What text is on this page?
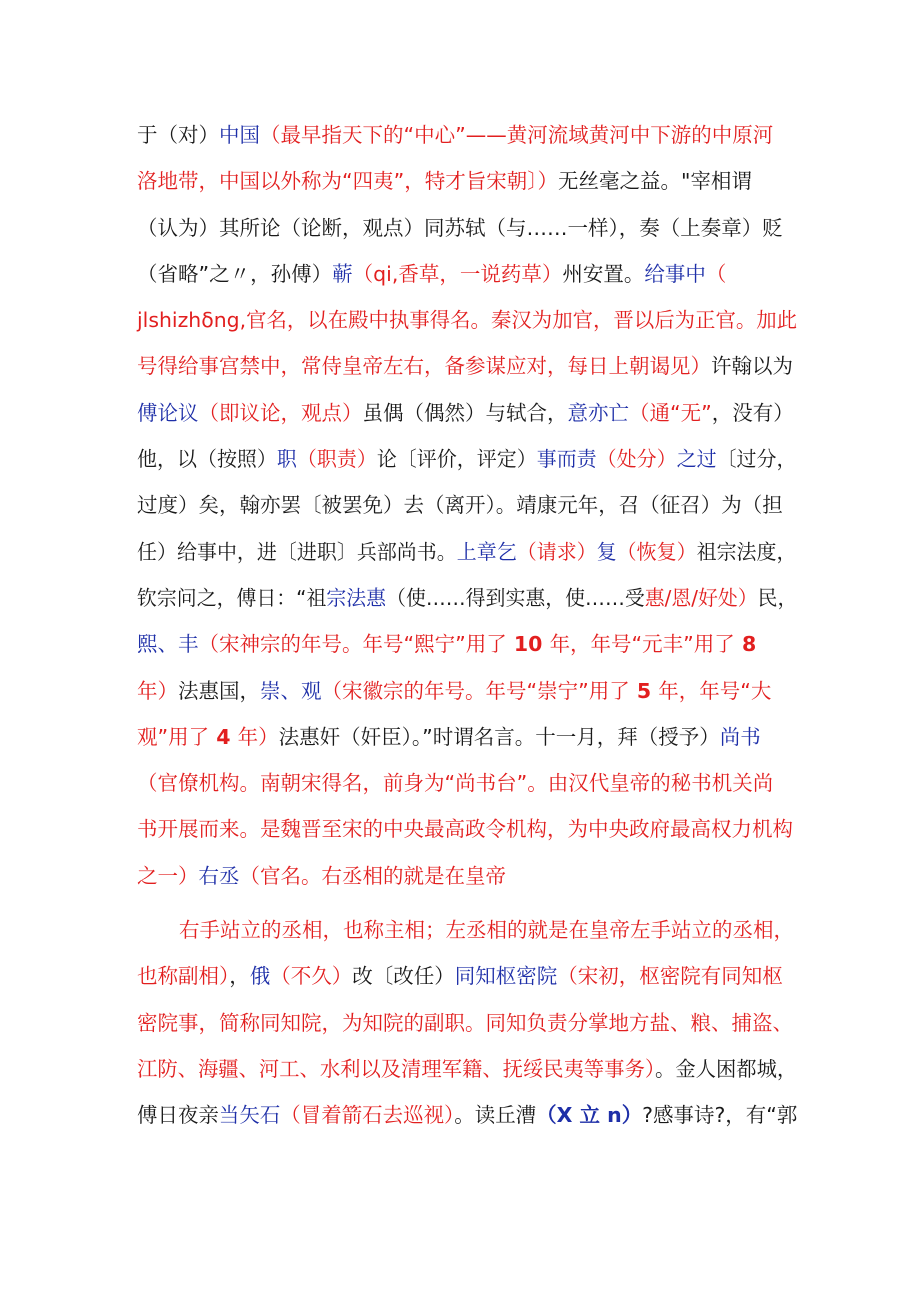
于（对）中国（最早指天下的“中心”——黄河流域黄河中下游的中原河
洛地带，中国以外称为“四夷”，特才旨宋朝〕）无丝毫之益。"宰相谓
（认为）其所论（论断，观点）同苏轼（与……一样），奏（上奏章）贬
（省略”之〃，孙傅）蕲（qi,香草，一说药草）州安置。给事中（
jlshizhδng,官名，以在殿中执事得名。秦汉为加官，晋以后为正官。加此
号得给事宫禁中，常侍皇帝左右，备参谋应对，每日上朝谒见）许翰以为
傅论议（即议论，观点）虽偶（偶然）与轼合，意亦亡（通“无”，没有）
他，以（按照）职（职责）论〔评价，评定）事而责（处分）之过〔过分，
过度）矣，翰亦罢〔被罢免）去（离开）。靖康元年，召（征召）为（担
任）给事中，进〔进职〕兵部尚书。上章乞（请求）复（恢复）祖宗法度，
钦宗问之，傅日：“祖宗法惠（使……得到实惠，使……受惠/恩/好处）民，
熙、丰（宋神宗的年号。年号“熙宁”用了 10 年，年号“元丰”用了 8
年）法惠国，崇、观（宋徽宗的年号。年号“崇宁”用了 5 年，年号“大
观”用了 4 年）法惠奸（奸臣）。”时谓名言。十一月，拜（授予）尚书
（官僚机构。南朝宋得名，前身为“尚书台”。由汉代皇帝的秘书机关尚
书开展而来。是魏晋至宋的中央最高政令机构，为中央政府最高权力机构
之一）右丞（官名。右丞相的就是在皇帝
右手站立的丞相，也称主相；左丞相的就是在皇帝左手站立的丞相，
也称副相），俄（不久）改〔改任）同知枢密院（宋初，枢密院有同知枢
密院事，简称同知院，为知院的副职。同知负责分掌地方盐、粮、捕盗、
江防、海疆、河工、水利以及清理军籍、抚绥民夷等事务）。金人困都城，
傅日夜亲当矢石（冒着箭石去巡视）。读丘漕（X 立 n）?感事诗?，有“郭
